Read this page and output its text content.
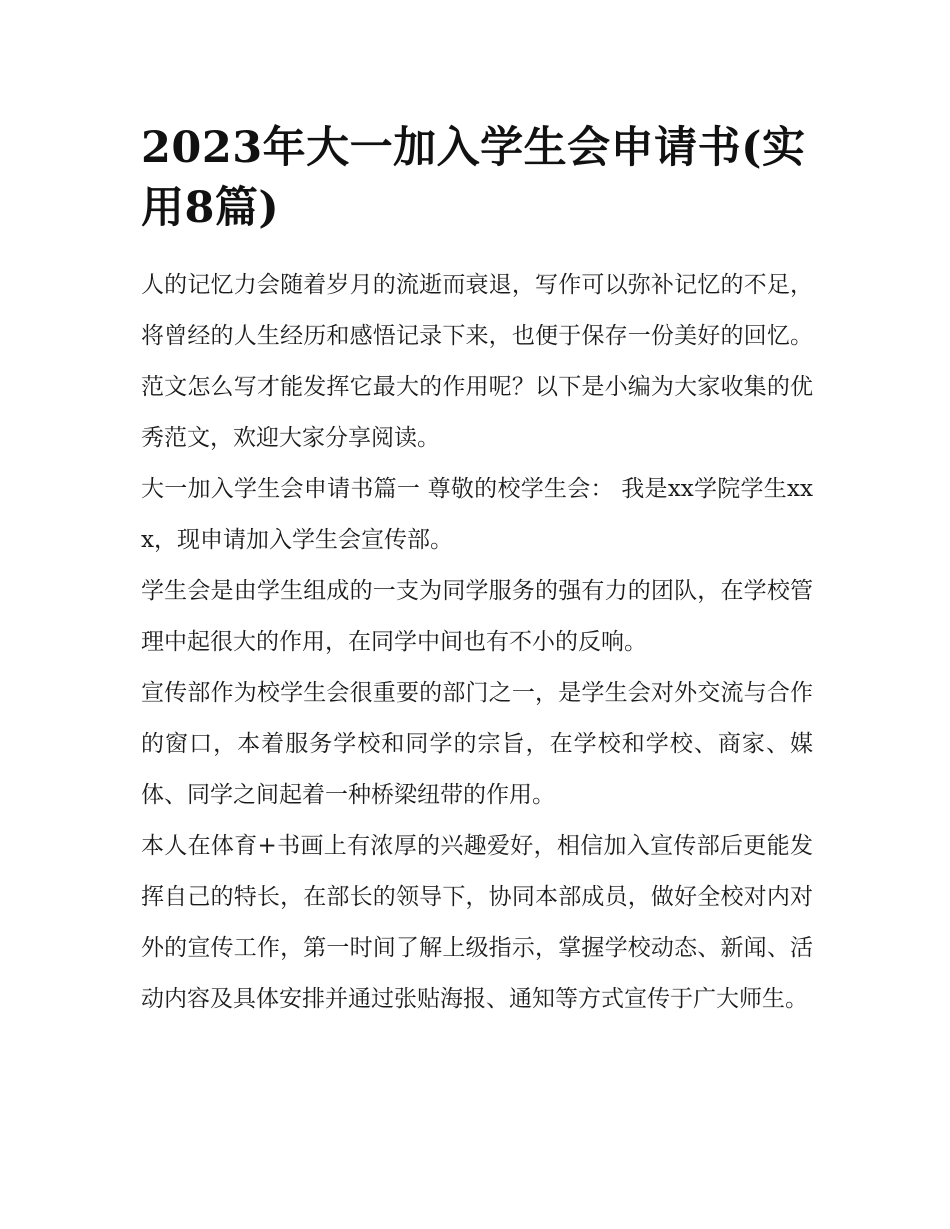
2023年大一加入学生会申请书(实用8篇)

人的记忆力会随着岁月的流逝而衰退，写作可以弥补记忆的不足，将曾经的人生经历和感悟记录下来，也便于保存一份美好的回忆。范文怎么写才能发挥它最大的作用呢？以下是小编为大家收集的优秀范文，欢迎大家分享阅读。

大一加入学生会申请书篇一 尊敬的校学生会： 我是xx学院学生xxx，现申请加入学生会宣传部。

学生会是由学生组成的一支为同学服务的强有力的团队，在学校管理中起很大的作用，在同学中间也有不小的反响。

宣传部作为校学生会很重要的部门之一，是学生会对外交流与合作的窗口，本着服务学校和同学的宗旨，在学校和学校、商家、媒体、同学之间起着一种桥梁纽带的作用。

本人在体育+书画上有浓厚的兴趣爱好，相信加入宣传部后更能发挥自己的特长，在部长的领导下，协同本部成员，做好全校对内对外的宣传工作，第一时间了解上级指示，掌握学校动态、新闻、活动内容及具体安排并通过张贴海报、通知等方式宣传于广大师生。
